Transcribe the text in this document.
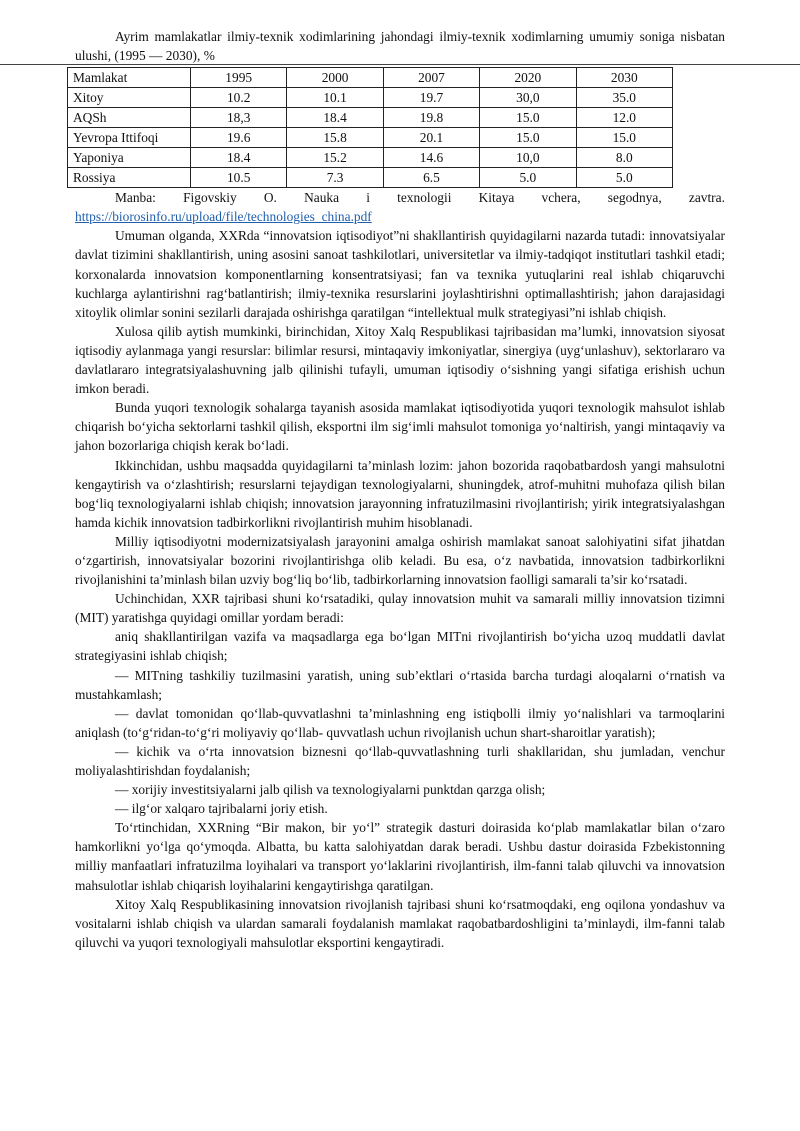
Ayrim mamlakatlar ilmiy-texnik xodimlarining jahondagi ilmiy-texnik xodimlarning umumiy soniga nisbatan ulushi, (1995 — 2030), %

Mamlakat	1995	2000	2007	2020	2030
Xitoy	10.2	10.1	19.7	30,0	35.0
AQSh	18,3	18.4	19.8	15.0	12.0
Yevropa Ittifoqi	19.6	15.8	20.1	15.0	15.0
Yaponiya	18.4	15.2	14.6	10,0	8.0
Rossiya	10.5	7.3	6.5	5.0	5.0
Manba: Figovskiy O. Nauka i texnologii Kitaya vchera, segodnya, zavtra.
https://biorosinfo.ru/upload/file/technologies_china.pdf

Umuman olganda, XXRda “innovatsion iqtisodiyot”ni shakllantirish quyidagilarni nazarda tutadi: innovatsiyalar davlat tizimini shakllantirish, uning asosini sanoat tashkilotlari, universitetlar va ilmiy-tadqiqot institutlari tashkil etadi; korxonalarda innovatsion komponentlarning konsentratsiyasi; fan va texnika yutuqlarini real ishlab chiqaruvchi kuchlarga aylantirishni rag‘batlantirish; ilmiy-texnika resurslarini joylashtirishni optimallashtirish; jahon darajasidagi xitoylik olimlar sonini sezilarli darajada oshirishga qaratilgan “intellektual mulk strategiyasi”ni ishlab chiqish.

Xulosa qilib aytish mumkinki, birinchidan, Xitoy Xalq Respublikasi tajribasidan ma’lumki, innovatsion siyosat iqtisodiy aylanmaga yangi resurslar: bilimlar resursi, mintaqaviy imkoniyatlar, sinergiya (uyg‘unlashuv), sektorlararo va davlatlararo integratsiyalashuvning jalb qilinishi tufayli, umuman iqtisodiy o‘sishning yangi sifatiga erishish uchun imkon beradi.

Bunda yuqori texnologik sohalarga tayanish asosida mamlakat iqtisodiyotida yuqori texnologik mahsulot ishlab chiqarish bo‘yicha sektorlarni tashkil qilish, eksportni ilm sig‘imli mahsulot tomoniga yo‘naltirish, yangi mintaqaviy va jahon bozorlariga chiqish kerak bo‘ladi.

Ikkinchidan, ushbu maqsadda quyidagilarni ta’minlash lozim: jahon bozorida raqobatbardosh yangi mahsulotni kengaytirish va o‘zlashtirish; resurslarni tejaydigan texnologiyalarni, shuningdek, atrof-muhitni muhofaza qilish bilan bog‘liq texnologiyalarni ishlab chiqish; innovatsion jarayonning infratuzilmasini rivojlantirish; yirik integratsiyalashgan hamda kichik innovatsion tadbirkorlikni rivojlantirish muhim hisoblanadi.

Milliy iqtisodiyotni modernizatsiyalash jarayonini amalga oshirish mamlakat sanoat salohiyatini sifat jihatdan o‘zgartirish, innovatsiyalar bozorini rivojlantirishga olib keladi. Bu esa, o‘z navbatida, innovatsion tadbirkorlikni rivojlanishini ta’minlash bilan uzviy bog‘liq bo‘lib, tadbirkorlarning innovatsion faolligi samarali ta’sir ko‘rsatadi.

Uchinchidan, XXR tajribasi shuni ko‘rsatadiki, qulay innovatsion muhit va samarali milliy innovatsion tizimni (MIT) yaratishga quyidagi omillar yordam beradi:

aniq shakllantirilgan vazifa va maqsadlarga ega bo‘lgan MITni rivojlantirish bo‘yicha uzoq muddatli davlat strategiyasini ishlab chiqish;

— MITning tashkiliy tuzilmasini yaratish, uning sub’ektlari o‘rtasida barcha turdagi aloqalarni o‘rnatish va mustahkamlash;

— davlat tomonidan qo‘llab-quvvatlashni ta’minlashning eng istiqbolli ilmiy yo‘nalishlari va tarmoqlarini aniqlash (to‘g‘ridan-to‘g‘ri moliyaviy qo‘llab- quvvatlash uchun rivojlanish uchun shart-sharoitlar yaratish);

— kichik va o‘rta innovatsion biznesni qo‘llab-quvvatlashning turli shakllaridan, shu jumladan, venchur moliyalashtirishdan foydalanish;

— xorijiy investitsiyalarni jalb qilish va texnologiyalarni punktdan qarzga olish;

— ilg‘or xalqaro tajribalarni joriy etish.

To‘rtinchidan, XXRning “Bir makon, bir yo‘l” strategik dasturi doirasida ko‘plab mamlakatlar bilan o‘zaro hamkorlikni yo‘lga qo‘ymoqda. Albatta, bu katta salohiyatdan darak beradi. Ushbu dastur doirasida Fzbekistonning milliy manfaatlari infratuzilma loyihalari va transport yo‘laklarini rivojlantirish, ilm-fanni talab qiluvchi va innovatsion mahsulotlar ishlab chiqarish loyihalarini kengaytirishga qaratilgan.

Xitoy Xalq Respublikasining innovatsion rivojlanish tajribasi shuni ko‘rsatmoqdaki, eng oqilona yondashuv va vositalarni ishlab chiqish va ulardan samarali foydalanish mamlakat raqobatbardoshligini ta’minlaydi, ilm-fanni talab qiluvchi va yuqori texnologiyali mahsulotlar eksportini kengaytiradi.
